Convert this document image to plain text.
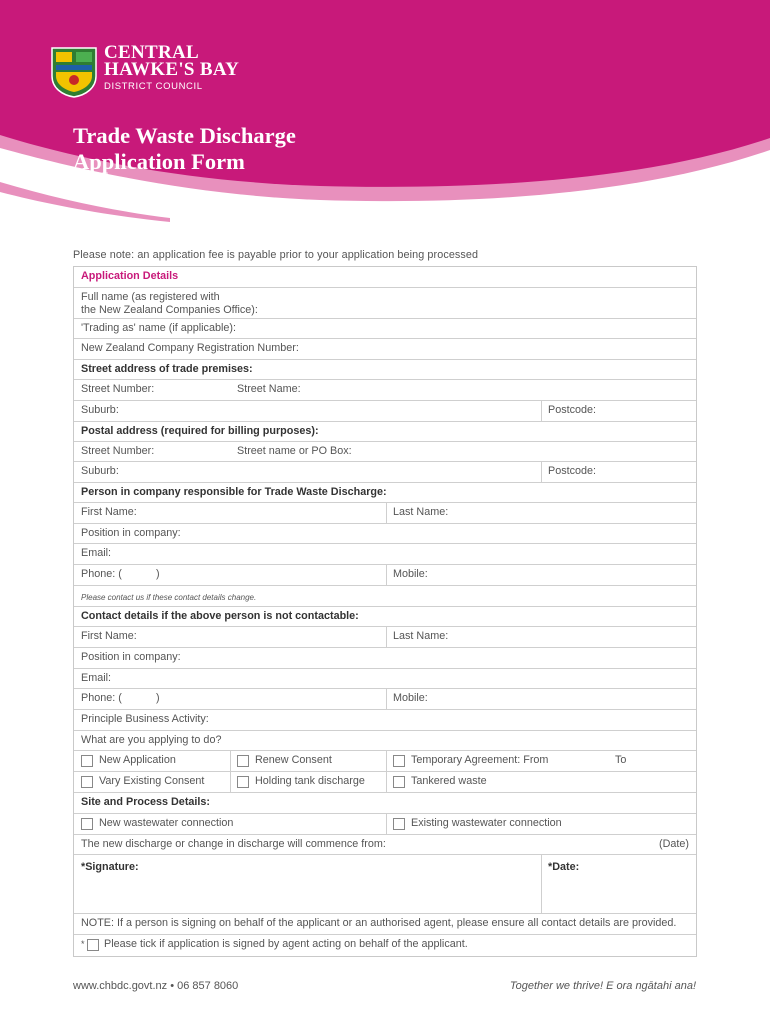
CENTRAL
HAWKE'S BAY
DISTRICT COUNCIL
Trade Waste Discharge
Application Form
Please note: an application fee is payable prior to your application being processed
Application Details
Full name (as registered with
the New Zealand Companies Office):
'Trading as' name (if applicable):
New Zealand Company Registration Number:
Street address of trade premises:
Street Number:	Street Name:
Suburb:	Postcode:
Postal address (required for billing purposes):
Street Number:	Street name or PO Box:
Suburb:	Postcode:
Person in company responsible for Trade Waste Discharge:
First Name:	Last Name:
Position in company:
Email:
Phone: (	)	Mobile:
Please contact us if these contact details change.
Contact details if the above person is not contactable:
First Name:	Last Name:
Position in company:
Email:
Phone: (	)	Mobile:
Principle Business Activity:
What are you applying to do?
New Application	Renew Consent	Temporary Agreement: From	To
Vary Existing Consent	Holding tank discharge	Tankered waste
Site and Process Details:
New wastewater connection	Existing wastewater connection
The new discharge or change in discharge will commence from:	(Date)
*Signature:	*Date:
NOTE: If a person is signing on behalf of the applicant or an authorised agent, please ensure all contact details are provided.
* Please tick if application is signed by agent acting on behalf of the applicant.
www.chbdc.govt.nz • 06 857 8060	Together we thrive! E ora ngātahi ana!
